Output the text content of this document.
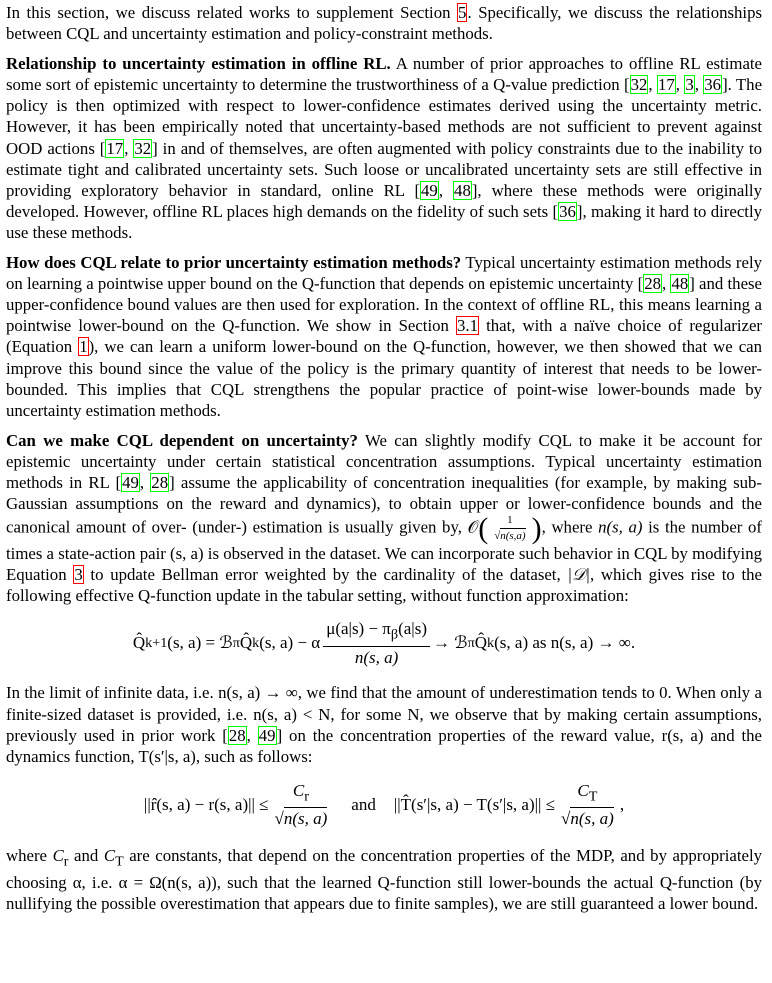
In this section, we discuss related works to supplement Section 5. Specifically, we discuss the relationships between CQL and uncertainty estimation and policy-constraint methods.

Relationship to uncertainty estimation in offline RL. A number of prior approaches to offline RL estimate some sort of epistemic uncertainty to determine the trustworthiness of a Q-value prediction [32, 17, 3, 36]. The policy is then optimized with respect to lower-confidence estimates derived using the uncertainty metric. However, it has been empirically noted that uncertainty-based methods are not sufficient to prevent against OOD actions [17, 32] in and of themselves, are often augmented with policy constraints due to the inability to estimate tight and calibrated uncertainty sets. Such loose or uncalibrated uncertainty sets are still effective in providing exploratory behavior in standard, online RL [49, 48], where these methods were originally developed. However, offline RL places high demands on the fidelity of such sets [36], making it hard to directly use these methods.

How does CQL relate to prior uncertainty estimation methods? Typical uncertainty estimation methods rely on learning a pointwise upper bound on the Q-function that depends on epistemic uncertainty [28, 48] and these upper-confidence bound values are then used for exploration. In the context of offline RL, this means learning a pointwise lower-bound on the Q-function. We show in Section 3.1 that, with a naïve choice of regularizer (Equation 1), we can learn a uniform lower-bound on the Q-function, however, we then showed that we can improve this bound since the value of the policy is the primary quantity of interest that needs to be lower-bounded. This implies that CQL strengthens the popular practice of point-wise lower-bounds made by uncertainty estimation methods.

Can we make CQL dependent on uncertainty? We can slightly modify CQL to make it be account for epistemic uncertainty under certain statistical concentration assumptions. Typical uncertainty estimation methods in RL [49, 28] assume the applicability of concentration inequalities (for example, by making sub-Gaussian assumptions on the reward and dynamics), to obtain upper or lower-confidence bounds and the canonical amount of over- (under-) estimation is usually given by, 𝒪( $\frac{1}{√n(s,a)}$ ), where n(s, a) is the number of times a state-action pair (s, a) is observed in the dataset. We can incorporate such behavior in CQL by modifying Equation 3 to update Bellman error weighted by the cardinality of the dataset, |𝒟|, which gives rise to the following effective Q-function update in the tabular setting, without function approximation:

Q̂ k+1 (s, a) = ℬ π Q̂ k (s, a) − α $\frac{\mu(a|s) - \pi_\beta(a|s)}{n(s, a)}$ → ℬ π Q̂ k (s, a) as n(s, a) → ∞.

In the limit of infinite data, i.e. n(s, a) → ∞, we find that the amount of underestimation tends to 0. When only a finite-sized dataset is provided, i.e. n(s, a) < N, for some N, we observe that by making certain assumptions, previously used in prior work [28, 49] on the concentration properties of the reward value, r(s, a) and the dynamics function, T(s′|s, a), such as follows:

||r̂(s, a) − r(s, $a)|| \le \frac{C_r}{√n(s, a)}$ and ||T̂(s′|s, a) − T(s′|s, $a)|| \le \frac{C_T}{√n(s, a)}$ ,

where $C_r$ and $C_T$ are constants, that depend on the concentration properties of the MDP, and by appropriately choosing α, i.e. α = Ω(n(s, a)), such that the learned Q-function still lower-bounds the actual Q-function (by nullifying the possible overestimation that appears due to finite samples), we are still guaranteed a lower bound.
